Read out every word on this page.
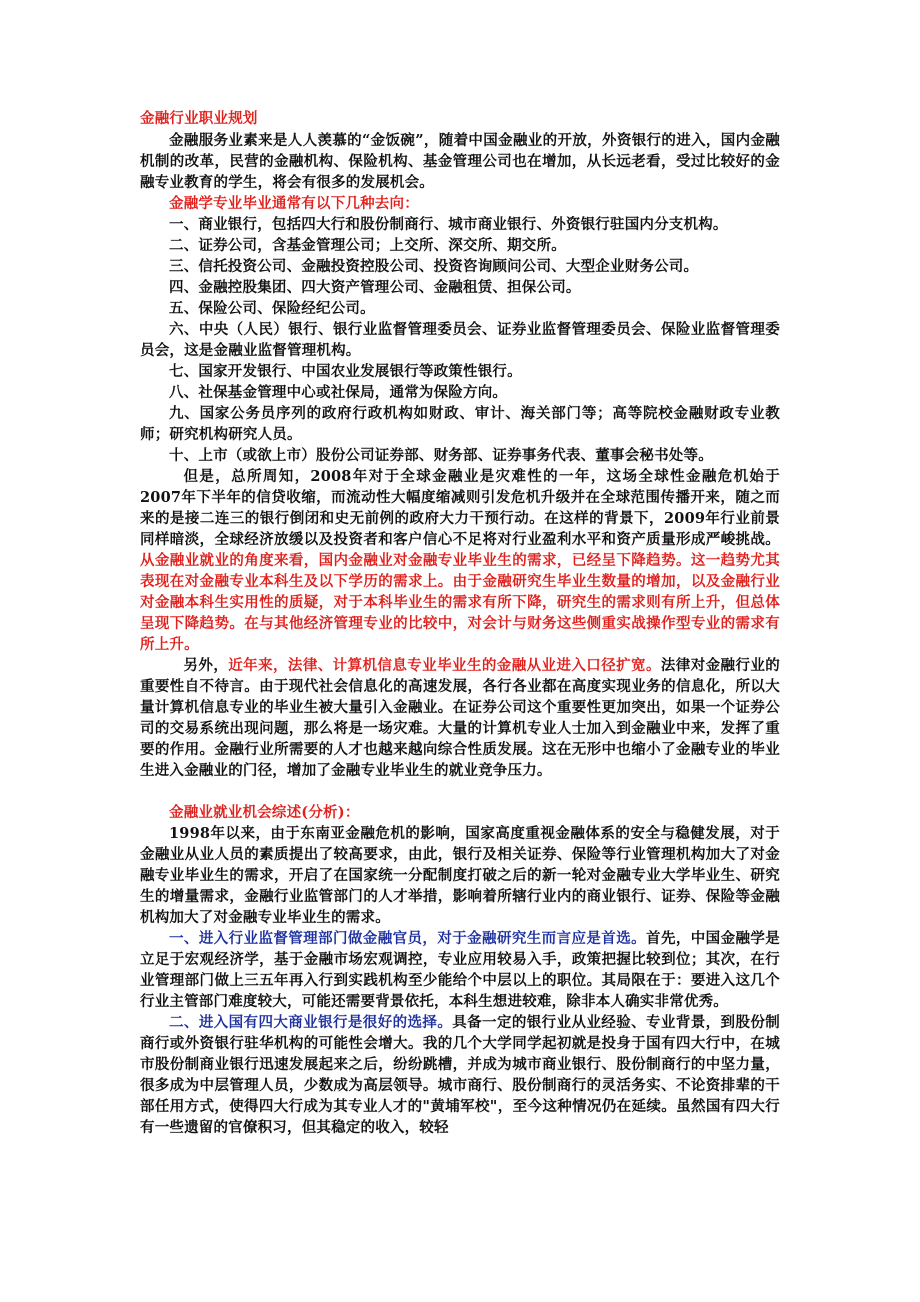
金融行业职业规划

金融服务业素来是人人羡慕的“金饭碗”，随着中国金融业的开放，外资银行的进入，国内金融机制的改革，民营的金融机构、保险机构、基金管理公司也在增加，从长远老看，受过比较好的金融专业教育的学生，将会有很多的发展机会。

金融学专业毕业通常有以下几种去向：

一、商业银行，包括四大行和股份制商行、城市商业银行、外资银行驻国内分支机构。

二、证券公司，含基金管理公司；上交所、深交所、期交所。

三、信托投资公司、金融投资控股公司、投资咨询顾问公司、大型企业财务公司。

四、金融控股集团、四大资产管理公司、金融租赁、担保公司。

五、保险公司、保险经纪公司。

六、中央（人民）银行、银行业监督管理委员会、证券业监督管理委员会、保险业监督管理委员会，这是金融业监督管理机构。

七、国家开发银行、中国农业发展银行等政策性银行。

八、社保基金管理中心或社保局，通常为保险方向。

九、国家公务员序列的政府行政机构如财政、审计、海关部门等；高等院校金融财政专业教师；研究机构研究人员。

十、上市（或欲上市）股份公司证券部、财务部、证券事务代表、董事会秘书处等。

但是，总所周知，2008年对于全球金融业是灾难性的一年，这场全球性金融危机始于2007年下半年的信贷收缩，而流动性大幅度缩减则引发危机升级并在全球范围传播开来，随之而来的是接二连三的银行倒闭和史无前例的政府大力干预行动。在这样的背景下，2009年行业前景同样暗淡，全球经济放缓以及投资者和客户信心不足将对行业盈利水平和资产质量形成严峻挑战。从金融业就业的角度来看，国内金融业对金融专业毕业生的需求，已经呈下降趋势。这一趋势尤其表现在对金融专业本科生及以下学历的需求上。由于金融研究生毕业生数量的增加，以及金融行业对金融本科生实用性的质疑，对于本科毕业生的需求有所下降，研究生的需求则有所上升，但总体呈现下降趋势。在与其他经济管理专业的比较中，对会计与财务这些侧重实战操作型专业的需求有所上升。

另外，近年来，法律、计算机信息专业毕业生的金融从业进入口径扩宽。法律对金融行业的重要性自不待言。由于现代社会信息化的高速发展，各行各业都在高度实现业务的信息化，所以大量计算机信息专业的毕业生被大量引入金融业。在证券公司这个重要性更加突出，如果一个证券公司的交易系统出现问题，那么将是一场灾难。大量的计算机专业人士加入到金融业中来，发挥了重要的作用。金融行业所需要的人才也越来越向综合性质发展。这在无形中也缩小了金融专业的毕业生进入金融业的门径，增加了金融专业毕业生的就业竞争压力。

金融业就业机会综述(分析)：

1998年以来，由于东南亚金融危机的影响，国家高度重视金融体系的安全与稳健发展，对于金融业从业人员的素质提出了较高要求，由此，银行及相关证券、保险等行业管理机构加大了对金融专业毕业生的需求，开启了在国家统一分配制度打破之后的新一轮对金融专业大学毕业生、研究生的增量需求，金融行业监管部门的人才举措，影响着所辖行业内的商业银行、证券、保险等金融机构加大了对金融专业毕业生的需求。

一、进入行业监督管理部门做金融官员，对于金融研究生而言应是首选。首先，中国金融学是立足于宏观经济学，基于金融市场宏观调控，专业应用较易入手，政策把握比较到位；其次，在行业管理部门做上三五年再入行到实践机构至少能给个中层以上的职位。其局限在于：要进入这几个行业主管部门难度较大，可能还需要背景依托，本科生想进较难，除非本人确实非常优秀。

二、进入国有四大商业银行是很好的选择。具备一定的银行业从业经验、专业背景，到股份制商行或外资银行驻华机构的可能性会增大。我的几个大学同学起初就是投身于国有四大行中，在城市股份制商业银行迅速发展起来之后，纷纷跳槽，并成为城市商业银行、股份制商行的中坚力量，很多成为中层管理人员，少数成为高层领导。城市商行、股份制商行的灵活务实、不论资排辈的干部任用方式，使得四大行成为其专业人才的"黄埔军校"，至今这种情况仍在延续。虽然国有四大行有一些遗留的官僚积习，但其稳定的收入，较轻
